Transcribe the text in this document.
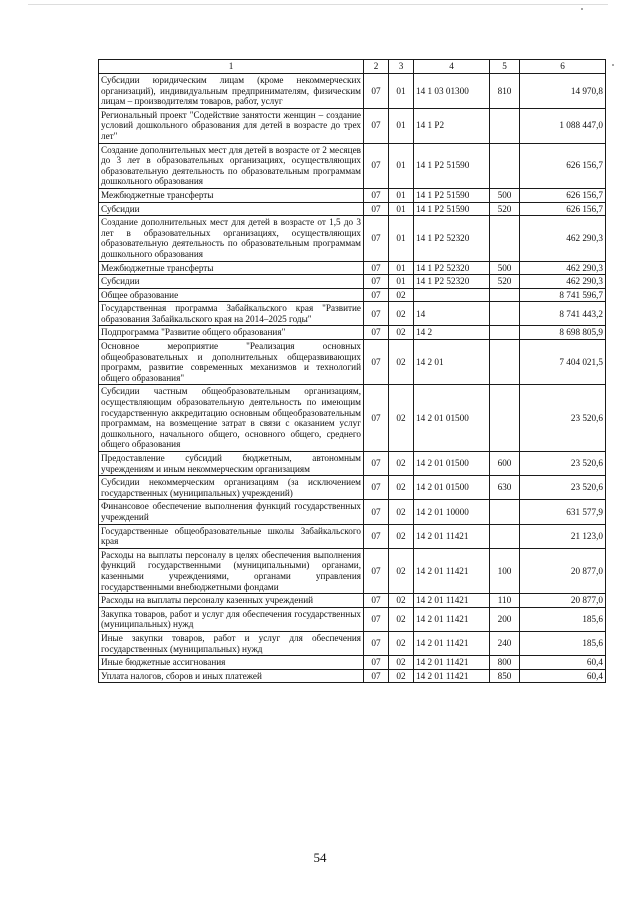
1	2	3	4	5	6
Субсидии юридическим лицам (кроме некоммерческих организаций), индивидуальным предпринимателям, физическим лицам – производителям товаров, работ, услуг	07	01	14 1 03 01300	810	14 970,8
Региональный проект "Содействие занятости женщин – создание условий дошкольного образования для детей в возрасте до трех лет"	07	01	14 1 P2		1 088 447,0
Создание дополнительных мест для детей в возрасте от 2 месяцев до 3 лет в образовательных организациях, осуществляющих образовательную деятельность по образовательным программам дошкольного образования	07	01	14 1 P2 51590		626 156,7
Межбюджетные трансферты	07	01	14 1 P2 51590	500	626 156,7
Субсидии	07	01	14 1 P2 51590	520	626 156,7
Создание дополнительных мест для детей в возрасте от 1,5 до 3 лет в образовательных организациях, осуществляющих образовательную деятельность по образовательным программам дошкольного образования	07	01	14 1 P2 52320		462 290,3
Межбюджетные трансферты	07	01	14 1 P2 52320	500	462 290,3
Субсидии	07	01	14 1 P2 52320	520	462 290,3
Общее образование	07	02			8 741 596,7
Государственная программа Забайкальского края "Развитие образования Забайкальского края на 2014–2025 годы"	07	02	14		8 741 443,2
Подпрограмма "Развитие общего образования"	07	02	14 2		8 698 805,9
Основное мероприятие "Реализация основных общеобразовательных и дополнительных общеразвивающих программ, развитие современных механизмов и технологий общего образования"	07	02	14 2 01		7 404 021,5
Субсидии частным общеобразовательным организациям, осуществляющим образовательную деятельность по имеющим государственную аккредитацию основным общеобразовательным программам, на возмещение затрат в связи с оказанием услуг дошкольного, начального общего, основного общего, среднего общего образования	07	02	14 2 01 01500		23 520,6
Предоставление субсидий бюджетным, автономным учреждениям и иным некоммерческим организациям	07	02	14 2 01 01500	600	23 520,6
Субсидии некоммерческим организациям (за исключением государственных (муниципальных) учреждений)	07	02	14 2 01 01500	630	23 520,6
Финансовое обеспечение выполнения функций государственных учреждений	07	02	14 2 01 10000		631 577,9
Государственные общеобразовательные школы Забайкальского края	07	02	14 2 01 11421		21 123,0
Расходы на выплаты персоналу в целях обеспечения выполнения функций государственными (муниципальными) органами, казенными учреждениями, органами управления государственными внебюджетными фондами	07	02	14 2 01 11421	100	20 877,0
Расходы на выплаты персоналу казенных учреждений	07	02	14 2 01 11421	110	20 877,0
Закупка товаров, работ и услуг для обеспечения государственных (муниципальных) нужд	07	02	14 2 01 11421	200	185,6
Иные закупки товаров, работ и услуг для обеспечения государственных (муниципальных) нужд	07	02	14 2 01 11421	240	185,6
Иные бюджетные ассигнования	07	02	14 2 01 11421	800	60,4
Уплата налогов, сборов и иных платежей	07	02	14 2 01 11421	850	60,4
54
